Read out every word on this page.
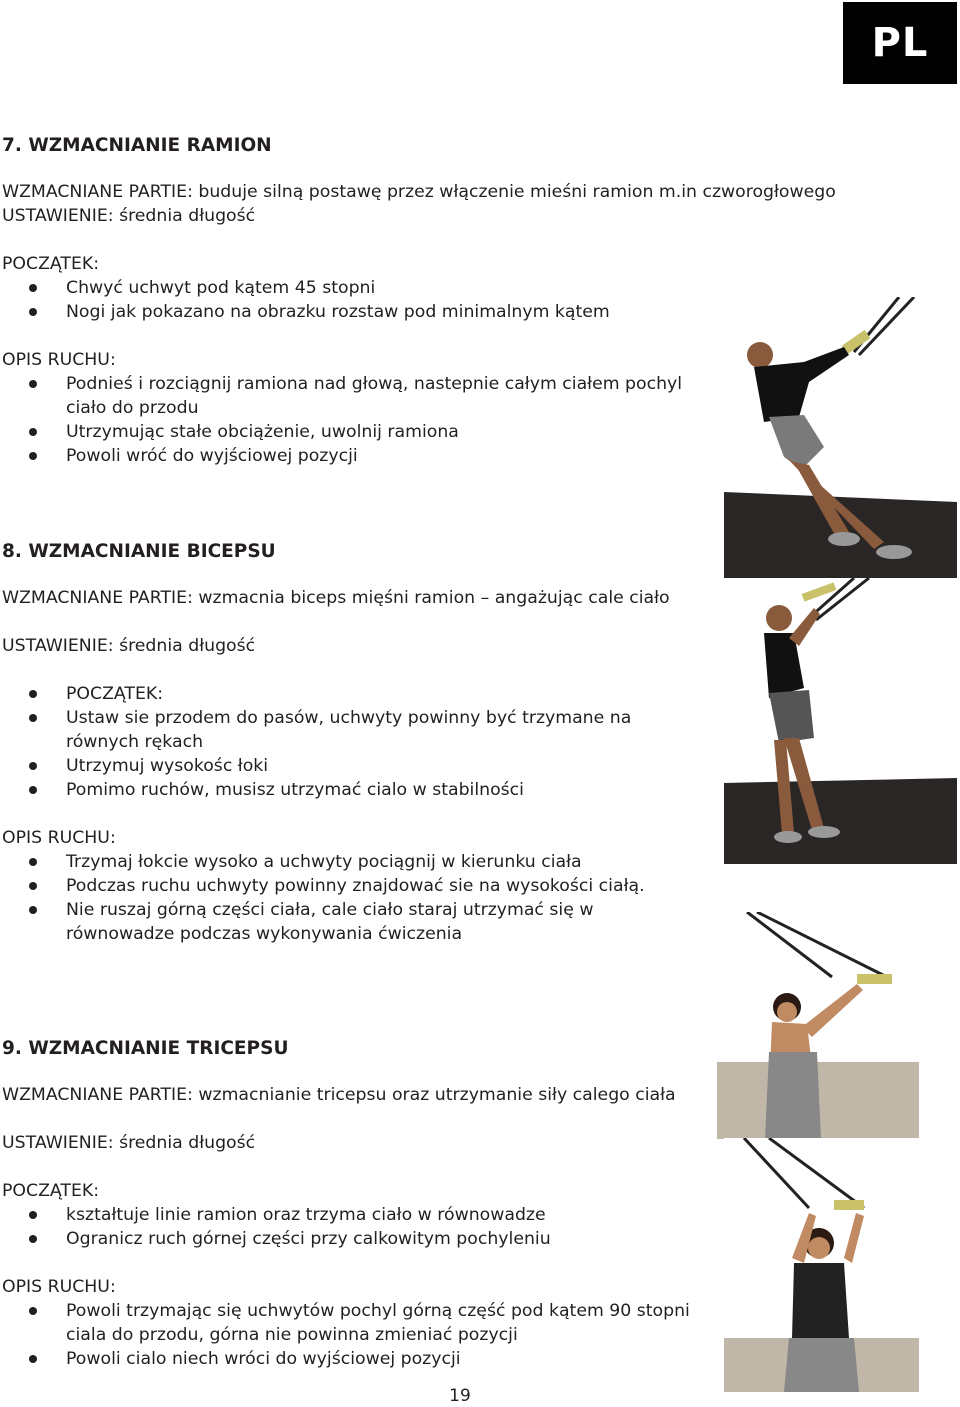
PL
7. WZMACNIANIE RAMION
WZMACNIANE PARTIE: buduje silną postawę przez włączenie mieśni ramion m.in czworogłowego
USTAWIENIE: średnia długość
POCZĄTEK:
Chwyć uchwyt pod kątem 45 stopni
Nogi jak pokazano na obrazku rozstaw pod minimalnym kątem
OPIS RUCHU:
Podnieś i rozciągnij ramiona nad głową, nastepnie całym ciałem pochyl
ciało do przodu
Utrzymując stałe obciążenie, uwolnij ramiona
Powoli wróć do wyjściowej pozycji
8. WZMACNIANIE BICEPSU
WZMACNIANE PARTIE: wzmacnia biceps mięśni ramion – angażując cale ciało
USTAWIENIE: średnia długość
POCZĄTEK:
Ustaw sie przodem do pasów, uchwyty powinny być trzymane na
równych rękach
Utrzymuj wysokośc łoki
Pomimo ruchów, musisz utrzymać cialo w stabilności
OPIS RUCHU:
Trzymaj łokcie wysoko a uchwyty pociągnij w kierunku ciała
Podczas ruchu uchwyty powinny znajdować sie na wysokości ciałą.
Nie ruszaj górną części ciała, cale ciało staraj utrzymać się w
równowadze podczas wykonywania ćwiczenia
9. WZMACNIANIE TRICEPSU
WZMACNIANE PARTIE: wzmacnianie tricepsu oraz utrzymanie siły calego ciała
USTAWIENIE: średnia długość
POCZĄTEK:
kształtuje linie ramion oraz trzyma ciało w równowadze
Ogranicz ruch górnej części przy calkowitym pochyleniu
OPIS RUCHU:
Powoli trzymając się uchwytów pochyl górną część pod kątem 90 stopni
ciala do przodu, górna nie powinna zmieniać pozycji
Powoli cialo niech wróci do wyjściowej pozycji
19
